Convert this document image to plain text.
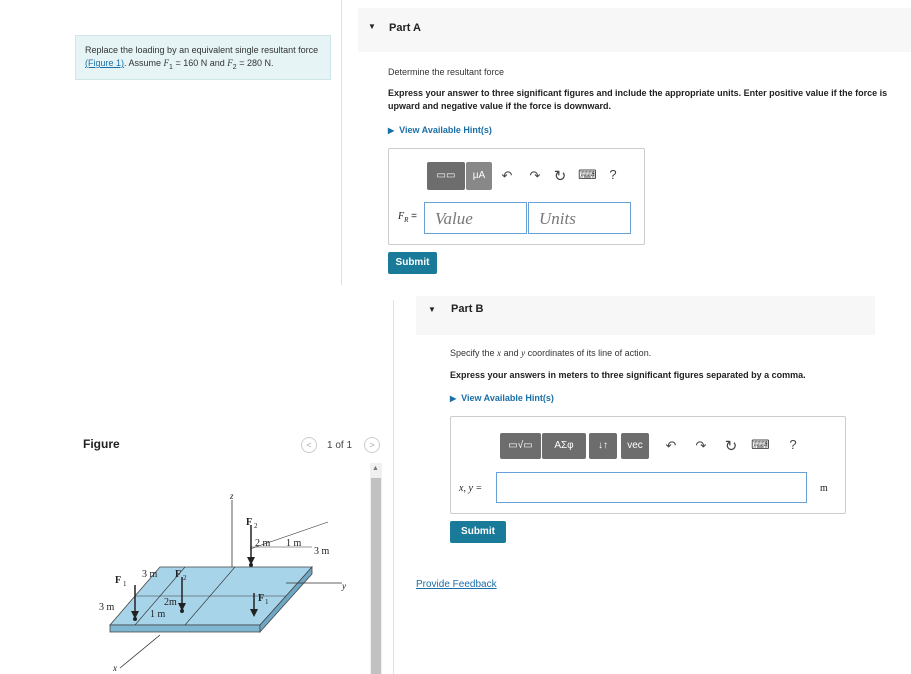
Replace the loading by an equivalent single resultant force
(Figure 1). Assume $F_1 = 160$ N and $F_2 = 280$ N.
▼ Part A
Determine the resultant force
Express your answer to three significant figures and include the appropriate units. Enter positive value if the force is upward and negative value if the force is downward.
▶ View Available Hint(s)
▭▭	μA	↶ ↷ ↻ ⌨ ?
$F_R$ =	Value	Units
Submit
Figure	<	1 of 1	>
▲
z
y
x
F 2
2 m 1 m
3 m
F 1
F 2
F 1
3 m
3 m	2m
1 m
▼ Part B
Specify the x and y coordinates of its line of action.
Express your answers in meters to three significant figures separated by a comma.
▶ View Available Hint(s)
▭√▭	ΑΣφ	↓↑	vec	↶ ↷ ↻ ⌨ ?
x, y =	m
Submit
Provide Feedback
